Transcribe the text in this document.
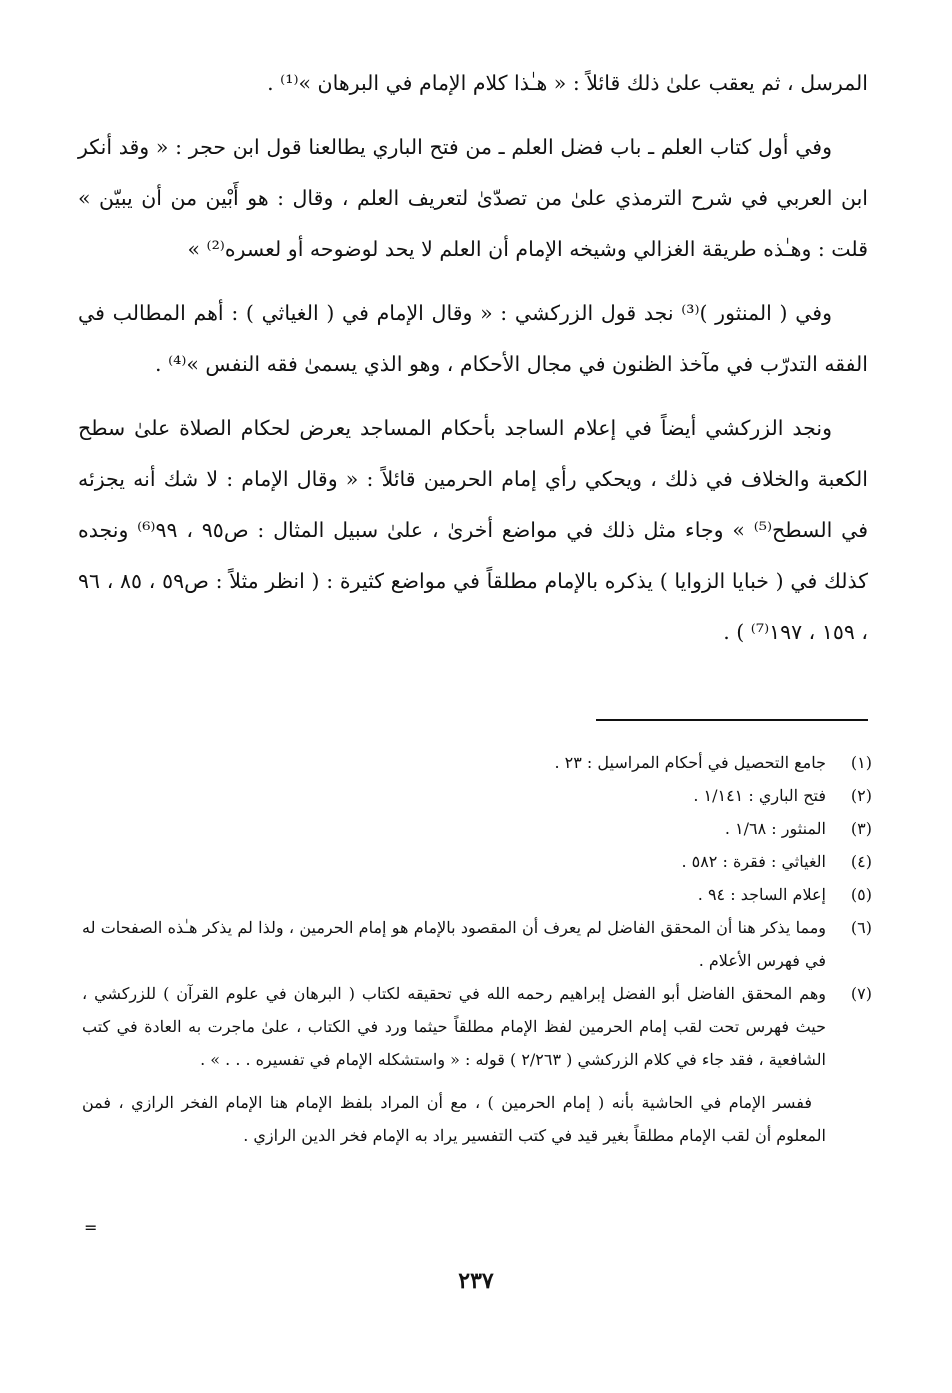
المرسل ، ثم يعقب علىٰ ذلك قائلاً : « هـٰذا كلام الإمام في البرهان »⁽¹⁾ .

وفي أول كتاب العلم ـ باب فضل العلم ـ من فتح الباري يطالعنا قول ابن حجر : « وقد أنكر ابن العربي في شرح الترمذي علىٰ من تصدّىٰ لتعريف العلم ، وقال : هو أَبْين من أن يبيّن » قلت : وهـٰذه طريقة الغزالي وشيخه الإمام أن العلم لا يحد لوضوحه أو لعسره⁽²⁾ »

وفي ( المنثور )⁽³⁾ نجد قول الزركشي : « وقال الإمام في ( الغياثي ) : أهم المطالب في الفقه التدرّب في مآخذ الظنون في مجال الأحكام ، وهو الذي يسمىٰ فقه النفس »⁽⁴⁾ .

ونجد الزركشي أيضاً في إعلام الساجد بأحكام المساجد يعرض لحكام الصلاة علىٰ سطح الكعبة والخلاف في ذلك ، ويحكي رأي إمام الحرمين قائلاً : « وقال الإمام : لا شك أنه يجزئه في السطح⁽⁵⁾ » وجاء مثل ذلك في مواضع أخرىٰ ، علىٰ سبيل المثال : ص٩٥ ، ٩٩⁽⁶⁾ ونجده كذلك في ( خبايا الزوايا ) يذكره بالإمام مطلقاً في مواضع كثيرة : ( انظر مثلاً : ص٥٩ ، ٨٥ ، ٩٦ ، ١٥٩ ، ١٩٧⁽⁷⁾ ) .

(١)
جامع التحصيل في أحكام المراسيل : ٢٣ .
(٢)
فتح الباري : ١/١٤١ .
(٣)
المنثور : ١/٦٨ .
(٤)
الغياثي : فقرة : ٥٨٢ .
(٥)
إعلام الساجد : ٩٤ .
(٦)
ومما يذكر هنا أن المحقق الفاضل لم يعرف أن المقصود بالإمام هو إمام الحرمين ، ولذا لم يذكر هـٰذه الصفحات له في فهرس الأعلام .
(٧)
وهم المحقق الفاضل أبو الفضل إبراهيم رحمه الله في تحقيقه لكتاب ( البرهان في علوم القرآن ) للزركشي ، حيث فهرس تحت لقب إمام الحرمين لفظ الإمام مطلقاً حيثما ورد في الكتاب ، علىٰ ماجرت به العادة في كتب الشافعية ، فقد جاء في كلام الزركشي ( ٢/٢٦٣ ) قوله : « واستشكله الإمام في تفسيره . . . » .
ففسر الإمام في الحاشية بأنه ( إمام الحرمين ) ، مع أن المراد بلفظ الإمام هنا الإمام الفخر الرازي ، فمن المعلوم أن لقب الإمام مطلقاً بغير قيد في كتب التفسير يراد به الإمام فخر الدين الرازي .
=
٢٣٧
